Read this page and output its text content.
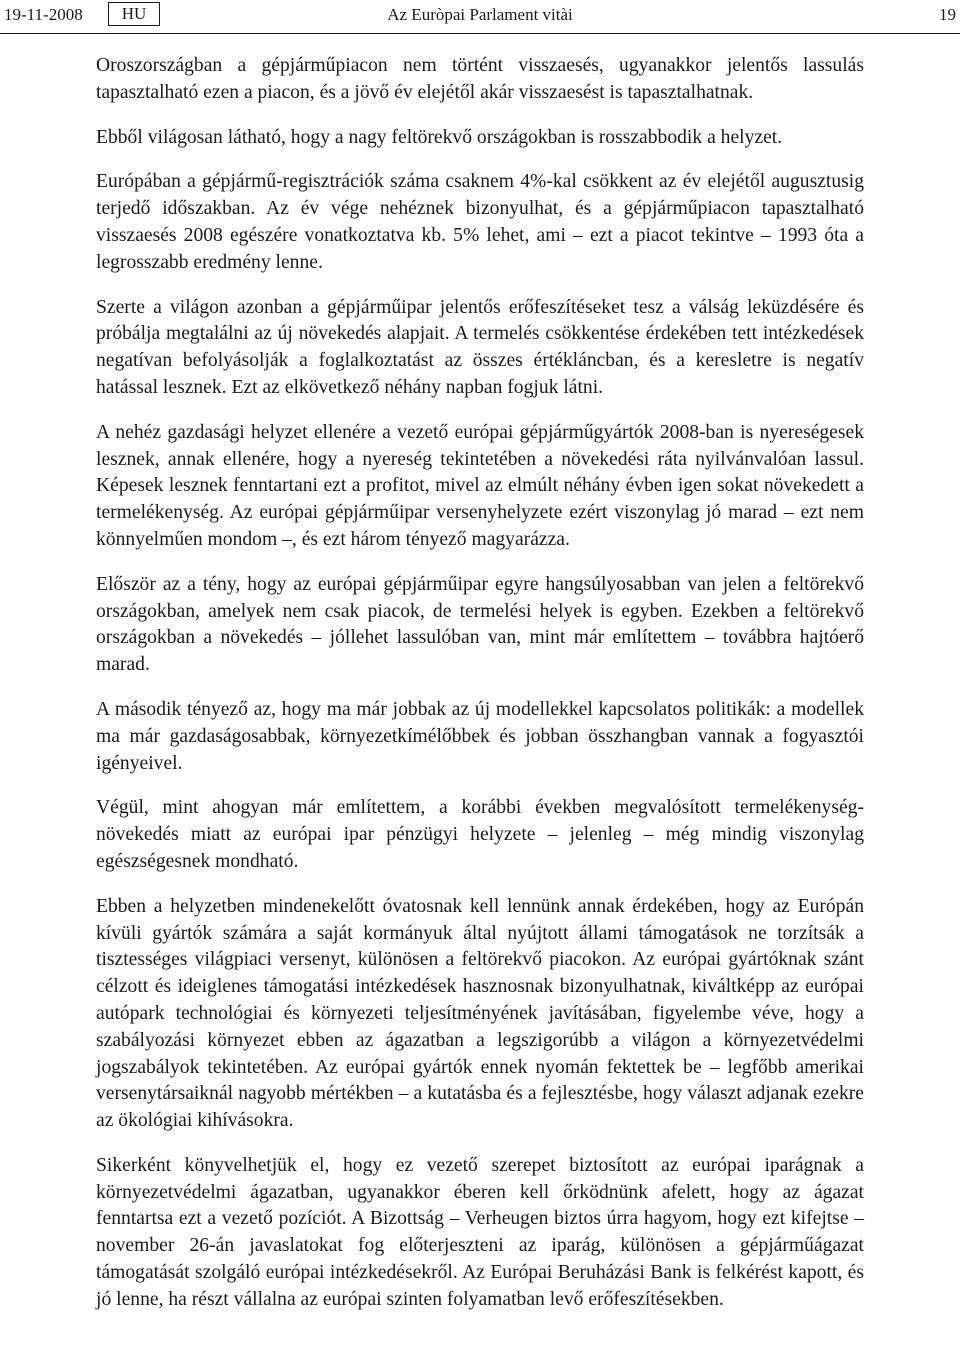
19-11-2008	HU	Az Euròpai Parlament vitài	19

Oroszországban a gépjárműpiacon nem történt visszaesés, ugyanakkor jelentős lassulás tapasztalható ezen a piacon, és a jövő év elejétől akár visszaesést is tapasztalhatnak.

Ebből világosan látható, hogy a nagy feltörekvő országokban is rosszabbodik a helyzet.

Európában a gépjármű-regisztrációk száma csaknem 4%-kal csökkent az év elejétől augusztusig terjedő időszakban. Az év vége nehéznek bizonyulhat, és a gépjárműpiacon tapasztalható visszaesés 2008 egészére vonatkoztatva kb. 5% lehet, ami – ezt a piacot tekintve – 1993 óta a legrosszabb eredmény lenne.

Szerte a világon azonban a gépjárműipar jelentős erőfeszítéseket tesz a válság leküzdésére és próbálja megtalálni az új növekedés alapjait. A termelés csökkentése érdekében tett intézkedések negatívan befolyásolják a foglalkoztatást az összes értékláncban, és a keresletre is negatív hatással lesznek. Ezt az elkövetkező néhány napban fogjuk látni.

A nehéz gazdasági helyzet ellenére a vezető európai gépjárműgyártók 2008-ban is nyereségesek lesznek, annak ellenére, hogy a nyereség tekintetében a növekedési ráta nyilvánvalóan lassul. Képesek lesznek fenntartani ezt a profitot, mivel az elmúlt néhány évben igen sokat növekedett a termelékenység. Az európai gépjárműipar versenyhelyzete ezért viszonylag jó marad – ezt nem könnyelműen mondom –, és ezt három tényező magyarázza.

Először az a tény, hogy az európai gépjárműipar egyre hangsúlyosabban van jelen a feltörekvő országokban, amelyek nem csak piacok, de termelési helyek is egyben. Ezekben a feltörekvő országokban a növekedés – jóllehet lassulóban van, mint már említettem – továbbra hajtóerő marad.

A második tényező az, hogy ma már jobbak az új modellekkel kapcsolatos politikák: a modellek ma már gazdaságosabbak, környezetkímélőbbek és jobban összhangban vannak a fogyasztói igényeivel.

Végül, mint ahogyan már említettem, a korábbi években megvalósított termelékenység-növekedés miatt az európai ipar pénzügyi helyzete – jelenleg – még mindig viszonylag egészségesnek mondható.

Ebben a helyzetben mindenekelőtt óvatosnak kell lennünk annak érdekében, hogy az Európán kívüli gyártók számára a saját kormányuk által nyújtott állami támogatások ne torzítsák a tisztességes világpiaci versenyt, különösen a feltörekvő piacokon. Az európai gyártóknak szánt célzott és ideiglenes támogatási intézkedések hasznosnak bizonyulhatnak, kiváltképp az európai autópark technológiai és környezeti teljesítményének javításában, figyelembe véve, hogy a szabályozási környezet ebben az ágazatban a legszigorúbb a világon a környezetvédelmi jogszabályok tekintetében. Az európai gyártók ennek nyomán fektettek be – legfőbb amerikai versenytársaiknál nagyobb mértékben – a kutatásba és a fejlesztésbe, hogy választ adjanak ezekre az ökológiai kihívásokra.

Sikerként könyvelhetjük el, hogy ez vezető szerepet biztosított az európai iparágnak a környezetvédelmi ágazatban, ugyanakkor éberen kell őrködnünk afelett, hogy az ágazat fenntartsa ezt a vezető pozíciót. A Bizottság – Verheugen biztos úrra hagyom, hogy ezt kifejtse – november 26-án javaslatokat fog előterjeszteni az iparág, különösen a gépjárműágazat támogatását szolgáló európai intézkedésekről. Az Európai Beruházási Bank is felkérést kapott, és jó lenne, ha részt vállalna az európai szinten folyamatban levő erőfeszítésekben.
